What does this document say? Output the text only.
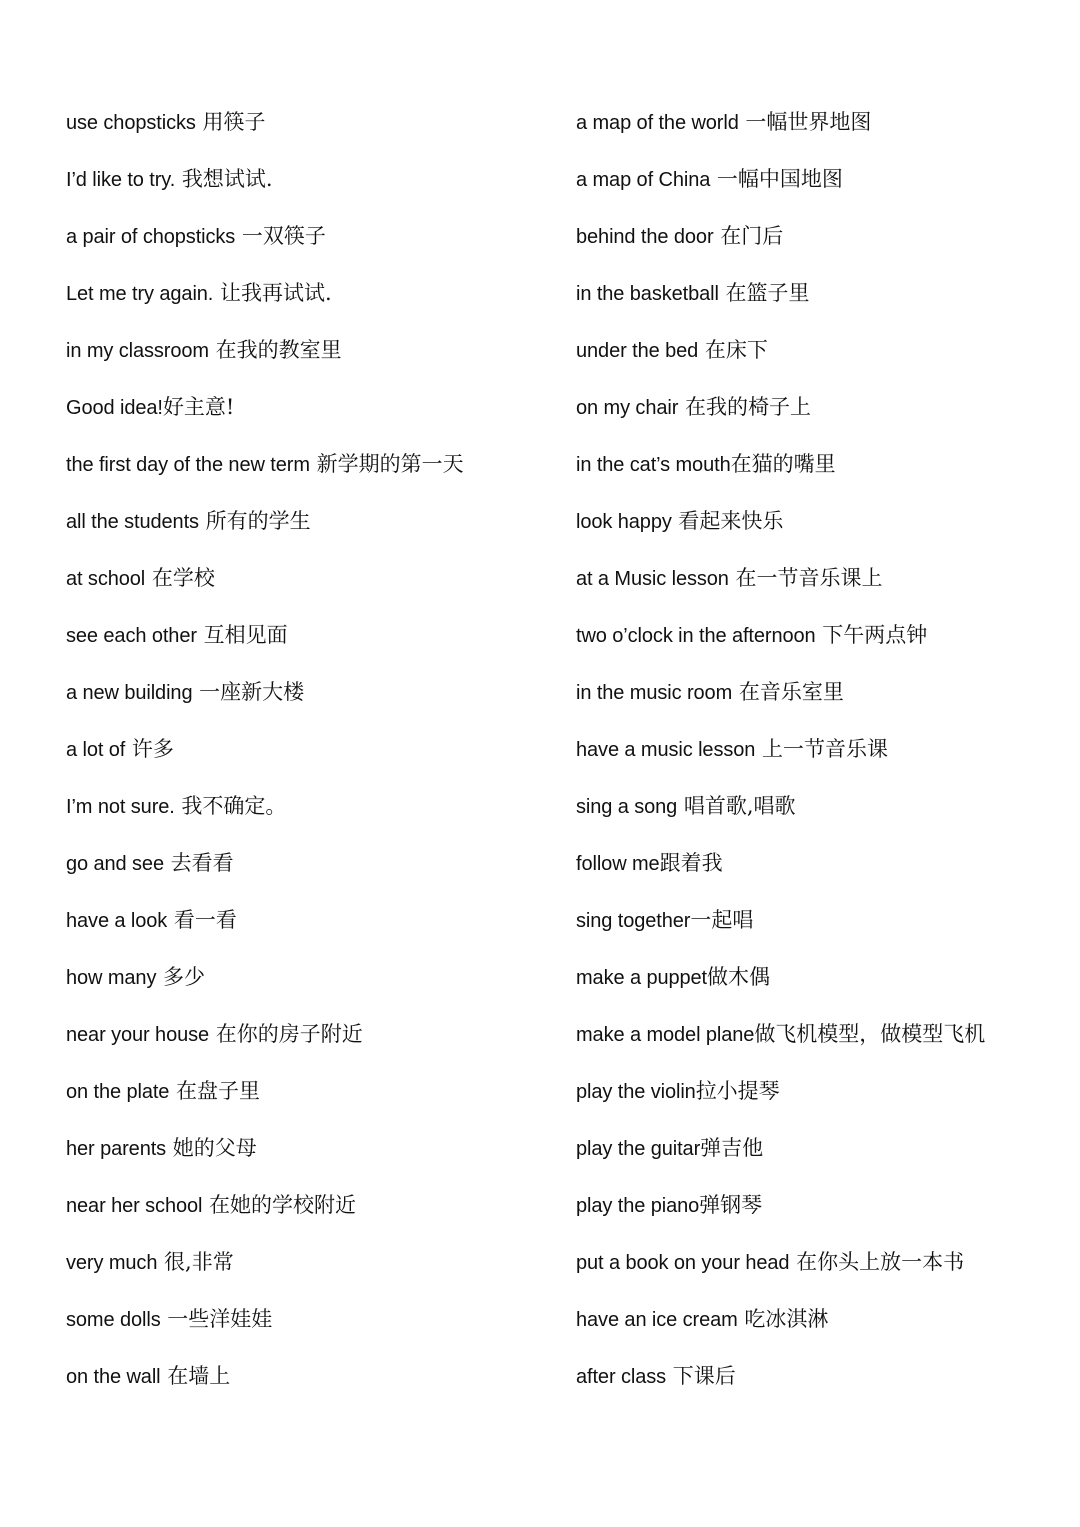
use chopsticks 用筷子
I’d like to try. 我想试试.
a pair of chopsticks 一双筷子
Let me try again. 让我再试试.
in my classroom 在我的教室里
Good idea!好主意!
the first day of the new term 新学期的第一天
all the students 所有的学生
at school 在学校
see each other 互相见面
a new building 一座新大楼
a lot of 许多
I’m not sure. 我不确定。
go and see 去看看
have a look 看一看
how many 多少
near your house 在你的房子附近
on the plate 在盘子里
her parents 她的父母
near her school 在她的学校附近
very much 很,非常
some dolls 一些洋娃娃
on the wall 在墙上
a map of the world 一幅世界地图
a map of China 一幅中国地图
behind the door 在门后
in the basketball 在篮子里
under the bed 在床下
on my chair 在我的椅子上
in the cat’s mouth在猫的嘴里
look happy 看起来快乐
at a Music lesson 在一节音乐课上
two o’clock in the afternoon 下午两点钟
in the music room 在音乐室里
have a music lesson 上一节音乐课
sing a song 唱首歌,唱歌
follow me跟着我
sing together一起唱
make a puppet做木偶
make a model plane做飞机模型，做模型飞机
play the violin拉小提琴
play the guitar弹吉他
play the piano弹钢琴
put a book on your head 在你头上放一本书
have an ice cream 吃冰淇淋
after class 下课后
